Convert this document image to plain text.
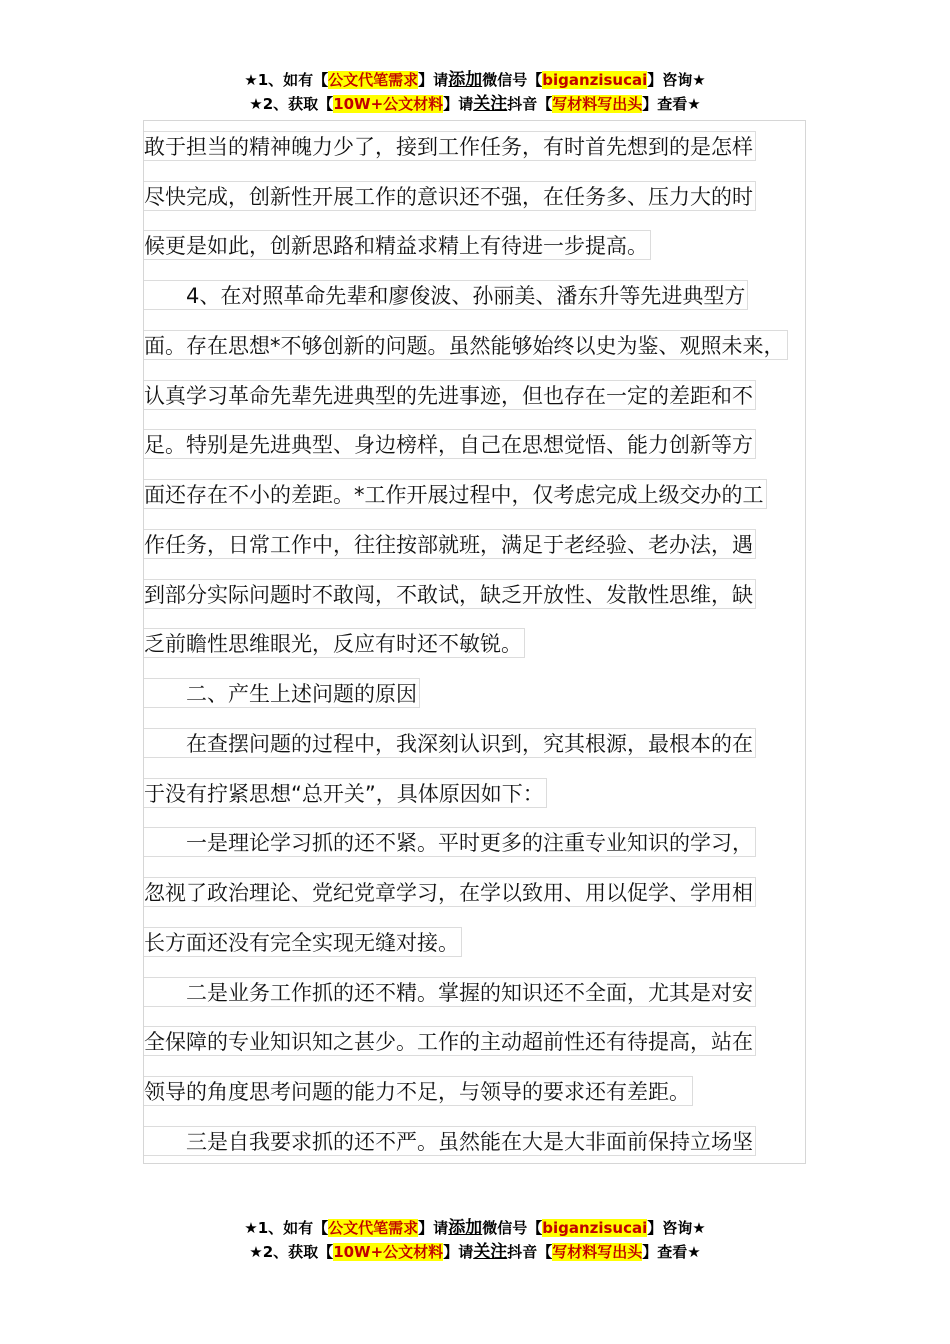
★1、如有【公文代笔需求】请添加微信号【biganzisucai】咨询★
★2、获取【10W+公文材料】请关注抖音【写材料写出头】查看★
敢于担当的精神魄力少了，接到工作任务，有时首先想到的是怎样
尽快完成，创新性开展工作的意识还不强，在任务多、压力大的时
候更是如此，创新思路和精益求精上有待进一步提高。
　　4、在对照革命先辈和廖俊波、孙丽美、潘东升等先进典型方
面。存在思想*不够创新的问题。虽然能够始终以史为鉴、观照未来，
认真学习革命先辈先进典型的先进事迹，但也存在一定的差距和不
足。特别是先进典型、身边榜样，自己在思想觉悟、能力创新等方
面还存在不小的差距。*工作开展过程中，仅考虑完成上级交办的工
作任务，日常工作中，往往按部就班，满足于老经验、老办法，遇
到部分实际问题时不敢闯，不敢试，缺乏开放性、发散性思维，缺
乏前瞻性思维眼光，反应有时还不敏锐。
　　二、产生上述问题的原因
　　在查摆问题的过程中，我深刻认识到，究其根源，最根本的在
于没有拧紧思想“总开关”，具体原因如下：
　　一是理论学习抓的还不紧。平时更多的注重专业知识的学习，
忽视了政治理论、党纪党章学习，在学以致用、用以促学、学用相
长方面还没有完全实现无缝对接。
　　二是业务工作抓的还不精。掌握的知识还不全面，尤其是对安
全保障的专业知识知之甚少。工作的主动超前性还有待提高，站在
领导的角度思考问题的能力不足，与领导的要求还有差距。
　　三是自我要求抓的还不严。虽然能在大是大非面前保持立场坚
★1、如有【公文代笔需求】请添加微信号【biganzisucai】咨询★
★2、获取【10W+公文材料】请关注抖音【写材料写出头】查看★
